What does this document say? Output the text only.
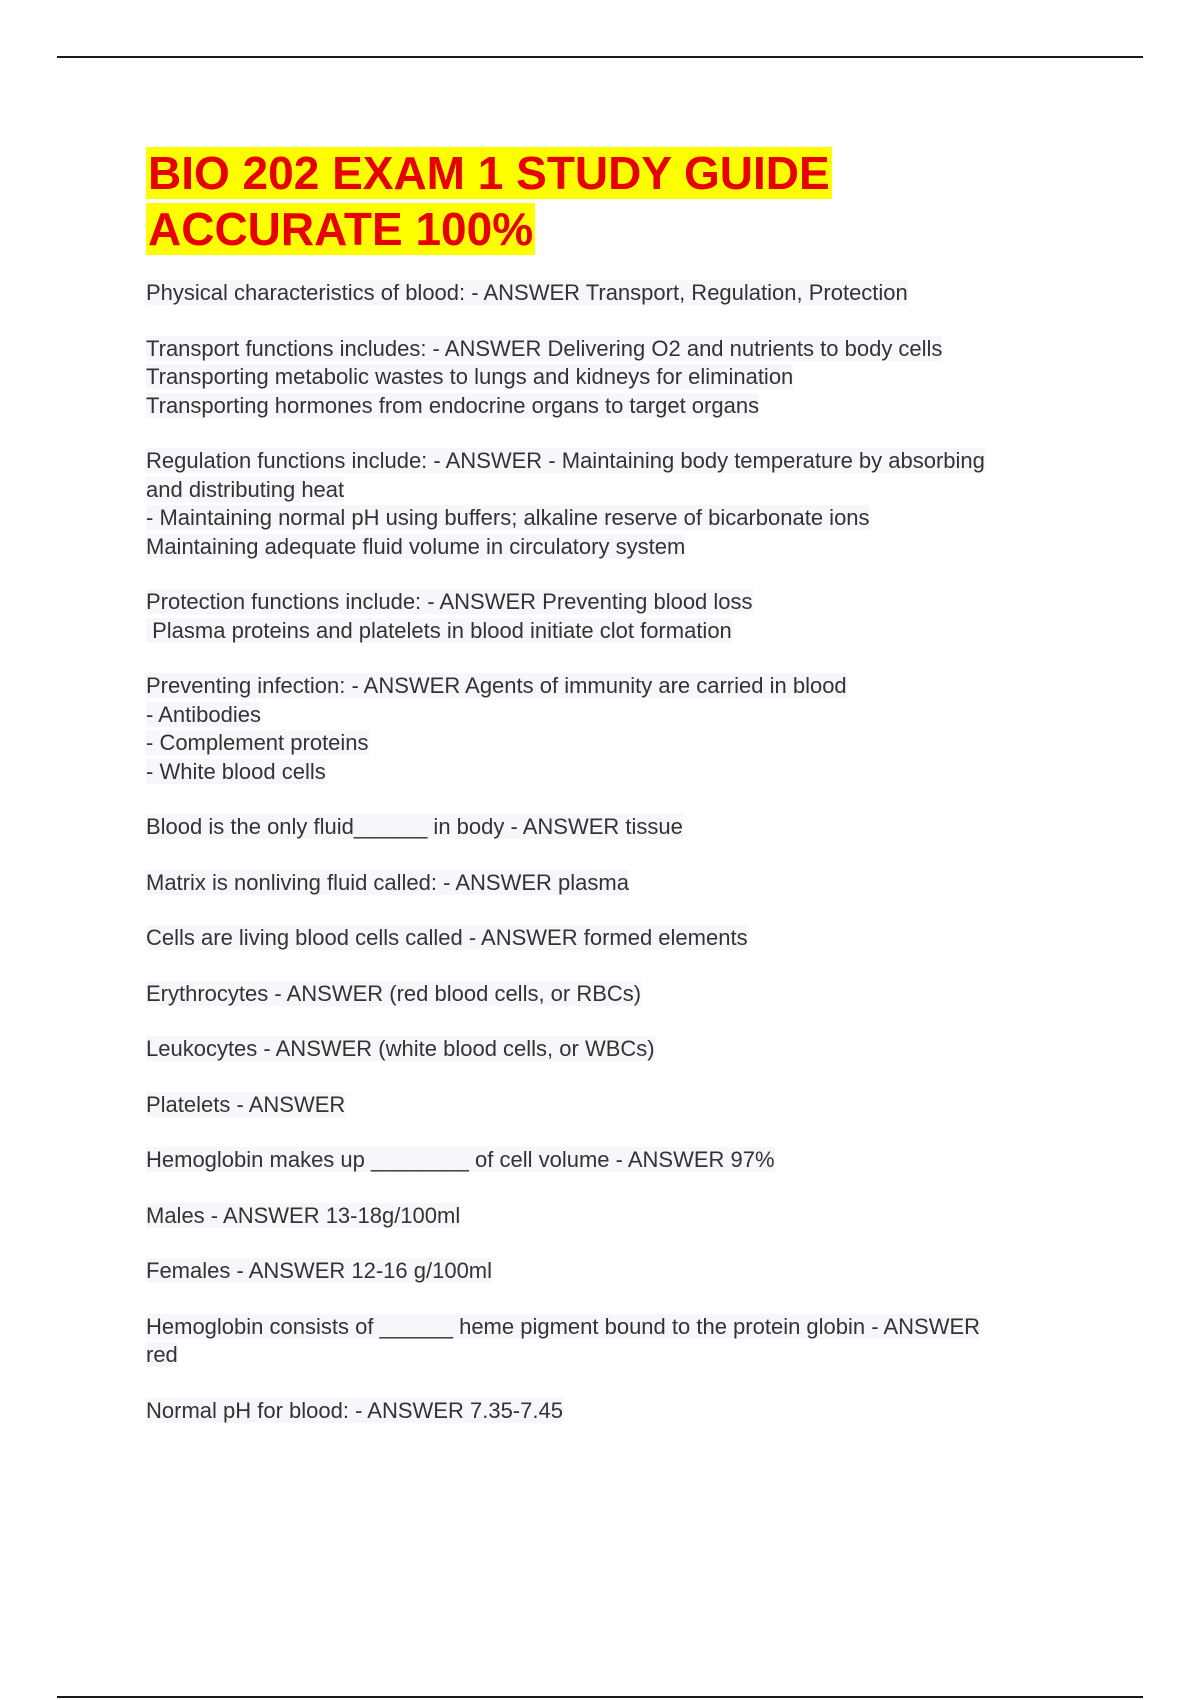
BIO 202 EXAM 1 STUDY GUIDE
ACCURATE 100%

Physical characteristics of blood: - ANSWER Transport, Regulation, Protection

Transport functions includes: - ANSWER Delivering O2 and nutrients to body cells
Transporting metabolic wastes to lungs and kidneys for elimination
Transporting hormones from endocrine organs to target organs

Regulation functions include: - ANSWER - Maintaining body temperature by absorbing
and distributing heat
- Maintaining normal pH using buffers; alkaline reserve of bicarbonate ions
Maintaining adequate fluid volume in circulatory system

Protection functions include: - ANSWER Preventing blood loss
Plasma proteins and platelets in blood initiate clot formation

Preventing infection: - ANSWER Agents of immunity are carried in blood
- Antibodies
- Complement proteins
- White blood cells

Blood is the only fluid______ in body - ANSWER tissue

Matrix is nonliving fluid called: - ANSWER plasma

Cells are living blood cells called - ANSWER formed elements

Erythrocytes - ANSWER (red blood cells, or RBCs)

Leukocytes - ANSWER (white blood cells, or WBCs)

Platelets - ANSWER

Hemoglobin makes up ________ of cell volume - ANSWER 97%

Males - ANSWER 13-18g/100ml

Females - ANSWER 12-16 g/100ml

Hemoglobin consists of ______ heme pigment bound to the protein globin - ANSWER
red

Normal pH for blood: - ANSWER 7.35-7.45
